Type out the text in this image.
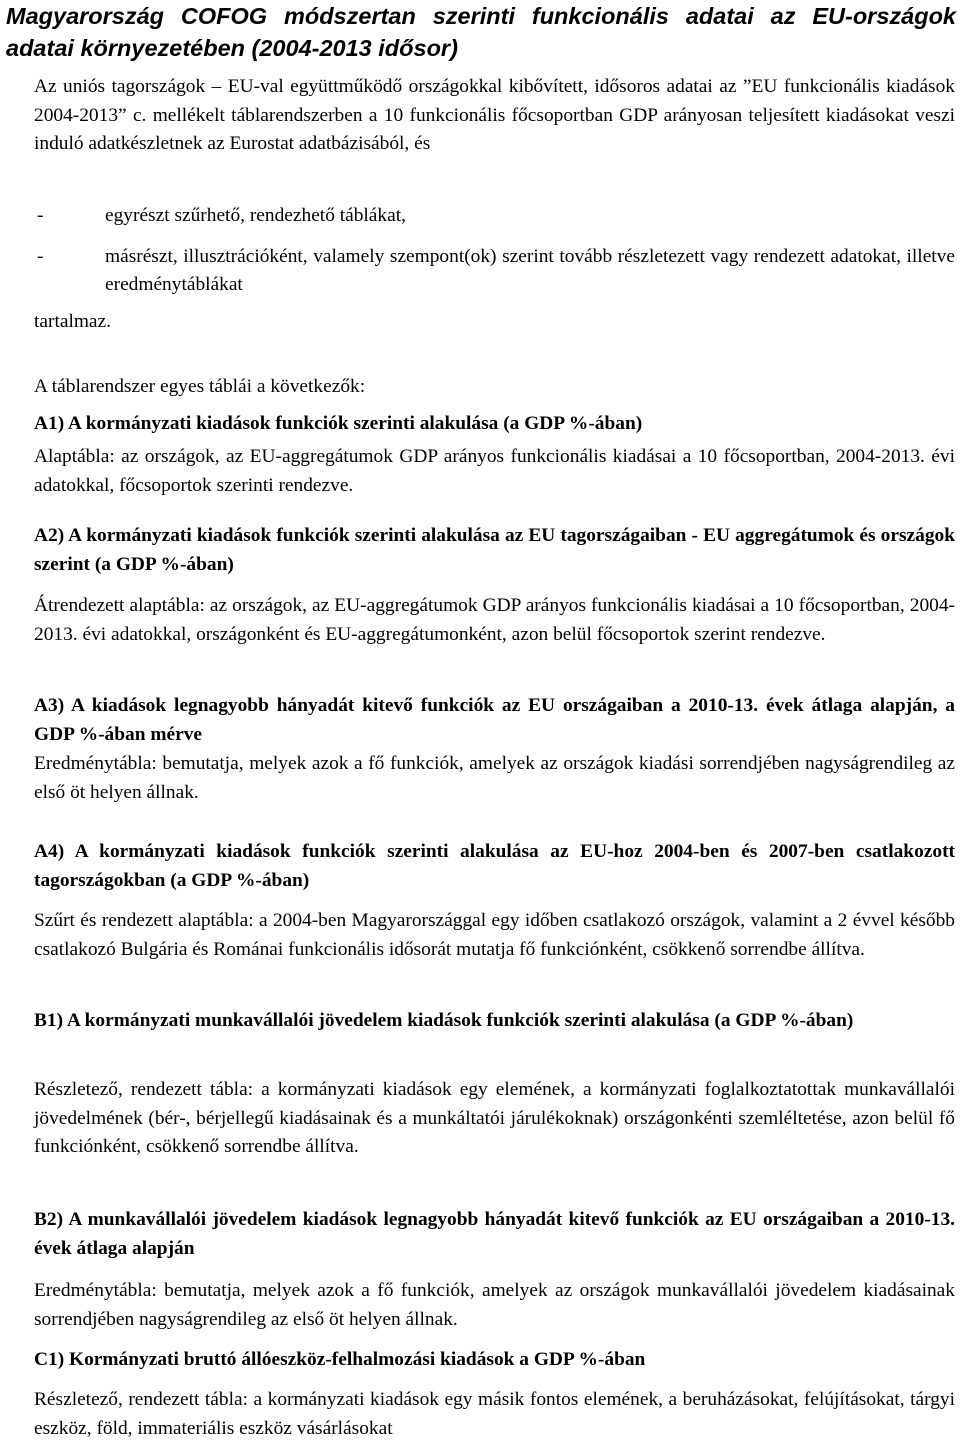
Magyarország COFOG módszertan szerinti funkcionális adatai az EU-országok adatai környezetében (2004-2013 idősor)
Az uniós tagországok – EU-val együttműködő országokkal kibővített, idősoros adatai az ”EU funkcionális kiadások 2004-2013” c. mellékelt táblarendszerben a 10 funkcionális főcsoportban GDP arányosan teljesített kiadásokat veszi induló adatkészletnek az Eurostat adatbázisából, és
-	egyrészt szűrhető, rendezhető táblákat,
-	másrészt, illusztrációként, valamely szempont(ok) szerint tovább részletezett vagy rendezett adatokat, illetve eredménytáblákat
tartalmaz.
A táblarendszer egyes táblái a következők:
A1) A kormányzati kiadások funkciók szerinti alakulása (a GDP %-ában)
Alaptábla: az országok, az EU-aggregátumok GDP arányos funkcionális kiadásai a 10 főcsoportban, 2004-2013. évi adatokkal, főcsoportok szerinti rendezve.
A2) A kormányzati kiadások funkciók szerinti alakulása az EU tagországaiban - EU aggregátumok és országok szerint (a GDP %-ában)
Átrendezett alaptábla: az országok, az EU-aggregátumok GDP arányos funkcionális kiadásai a 10 főcsoportban, 2004-2013. évi adatokkal, országonként és EU-aggregátumonként, azon belül főcsoportok szerint rendezve.
A3) A kiadások legnagyobb hányadát kitevő funkciók az EU országaiban a 2010-13. évek átlaga alapján, a GDP %-ában mérve
Eredménytábla: bemutatja, melyek azok a fő funkciók, amelyek az országok kiadási sorrendjében nagyságrendileg az első öt helyen állnak.
A4) A kormányzati kiadások funkciók szerinti alakulása az EU-hoz 2004-ben és 2007-ben csatlakozott tagországokban (a GDP %-ában)
Szűrt és rendezett alaptábla: a 2004-ben Magyarországgal egy időben csatlakozó országok, valamint a 2 évvel később csatlakozó Bulgária és Románai funkcionális idősorát mutatja fő funkciónként, csökkenő sorrendbe állítva.
B1) A kormányzati munkavállalói jövedelem kiadások funkciók szerinti alakulása (a GDP %-ában)
Részletező, rendezett tábla: a kormányzati kiadások egy elemének, a kormányzati foglalkoztatottak munkavállalói jövedelmének (bér-, bérjellegű kiadásainak és a munkáltatói járulékoknak) országonkénti szemléltetése, azon belül fő funkciónként, csökkenő sorrendbe állítva.
B2) A munkavállalói jövedelem kiadások legnagyobb hányadát kitevő funkciók az EU országaiban a 2010-13. évek átlaga alapján
Eredménytábla: bemutatja, melyek azok a fő funkciók, amelyek az országok munkavállalói jövedelem kiadásainak sorrendjében nagyságrendileg az első öt helyen állnak.
C1) Kormányzati bruttó állóeszköz-felhalmozási kiadások a GDP %-ában
Részletező, rendezett tábla: a kormányzati kiadások egy másik fontos elemének, a beruházásokat, felújításokat, tárgyi eszköz, föld, immateriális eszköz vásárlásokat
